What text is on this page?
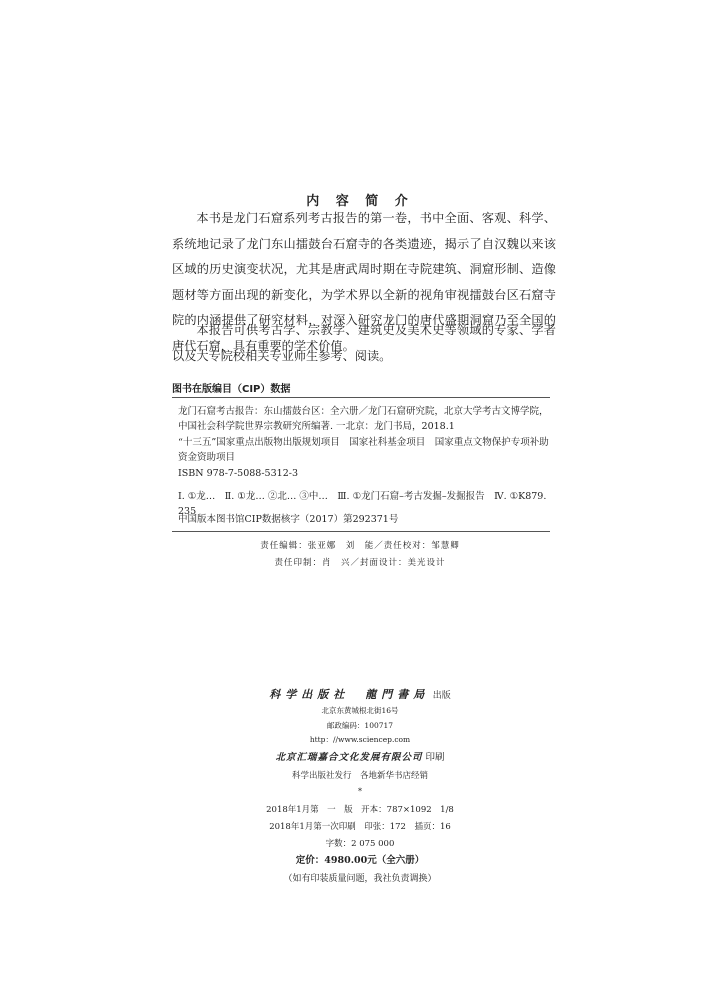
内 容 简 介

本书是龙门石窟系列考古报告的第一卷，书中全面、客观、科学、系统地记录了龙门东山擂鼓台石窟寺的各类遗迹，揭示了自汉魏以来该区域的历史演变状况，尤其是唐武周时期在寺院建筑、洞窟形制、造像题材等方面出现的新变化，为学术界以全新的视角审视擂鼓台区石窟寺院的内涵提供了研究材料，对深入研究龙门的唐代盛期洞窟乃至全国的唐代石窟，具有重要的学术价值。

本报告可供考古学、宗教学、建筑史及美术史等领域的专家、学者以及大专院校相关专业师生参考、阅读。

图书在版编目（CIP）数据

龙门石窟考古报告：东山擂鼓台区：全六册／龙门石窟研究院，北京大学考古文博学院，中国社会科学院世界宗教研究所编著. 一北京：龙门书局，2018.1

“十三五”国家重点出版物出版规划项目　国家社科基金项目　国家重点文物保护专项补助资金资助项目

ISBN 978-7-5088-5312-3

Ⅰ. ①龙…　Ⅱ. ①龙… ②北… ③中…　Ⅲ. ①龙门石窟–考古发掘–发掘报告　Ⅳ. ①K879. 235

中国版本图书馆CIP数据核字（2017）第292371号

责任编辑：张亚娜　刘　能／责任校对：邹慧卿
责任印制：肖　兴／封面设计：美光设计
科学出版社 龍門書局 出版
北京东黄城根北街16号
邮政编码：100717
http：//www.sciencep.com
北京汇瑞嘉合文化发展有限公司 印刷
科学出版社发行　各地新华书店经销
*
2018年1月第　一　版　开本：787×1092　1/8
2018年1月第一次印刷　印张：172　插页：16
字数：2 075 000
定价：4980.00元（全六册）
（如有印装质量问题，我社负责调换）
